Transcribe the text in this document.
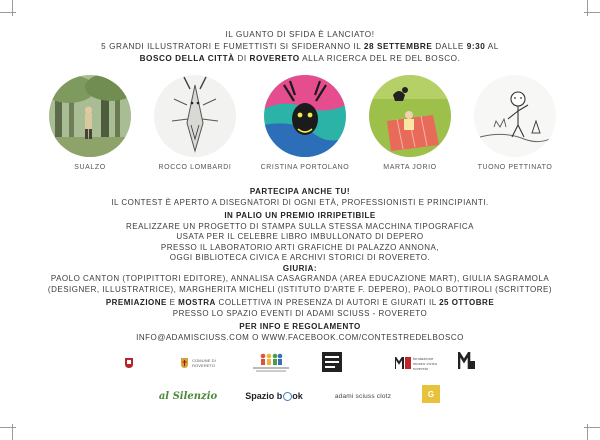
IL GUANTO DI SFIDA È LANCIATO!
5 GRANDI ILLUSTRATORI E FUMETTISTI SI SFIDERANNO IL 28 SETTEMBRE DALLE 9:30 AL
BOSCO DELLA CITTÀ DI ROVERETO ALLA RICERCA DEL RE DEL BOSCO.
SUALZO	ROCCO LOMBARDI	CRISTINA PORTOLANO	MARTA JORIO	TUONO PETTINATO
PARTECIPA ANCHE TU!
IL CONTEST È APERTO A DISEGNATORI DI OGNI ETÀ, PROFESSIONISTI E PRINCIPIANTI.
IN PALIO UN PREMIO IRRIPETIBILE
REALIZZARE UN PROGETTO DI STAMPA SULLA STESSA MACCHINA TIPOGRAFICA
USATA PER IL CELEBRE LIBRO IMBULLONATO DI DEPERO
PRESSO IL LABORATORIO ARTI GRAFICHE DI PALAZZO ANNONA,
OGGI BIBLIOTECA CIVICA E ARCHIVI STORICI DI ROVERETO.
GIURIA:
PAOLO CANTON (TOPIPITTORI EDITORE), ANNALISA CASAGRANDA (AREA EDUCAZIONE MART), GIULIA SAGRAMOLA
(DESIGNER, ILLUSTRATRICE), MARGHERITA MICHELI (ISTITUTO D'ARTE F. DEPERO), PAOLO BOTTIROLI (SCRITTORE)
PREMIAZIONE E MOSTRA COLLETTIVA IN PRESENZA DI AUTORI E GIURATI IL 25 OTTOBRE
PRESSO LO SPAZIO EVENTI DI ADAMI SCIUSS - ROVERETO
PER INFO E REGOLAMENTO
INFO@ADAMISCIUSS.COM O WWW.FACEBOOK.COM/CONTESTREDELBOSCO
COMUNE DI
ROVERETO
fondazione
museo civico
rovereto
al Silenzio	Spazio b ok	adami sciuss clotz	G
